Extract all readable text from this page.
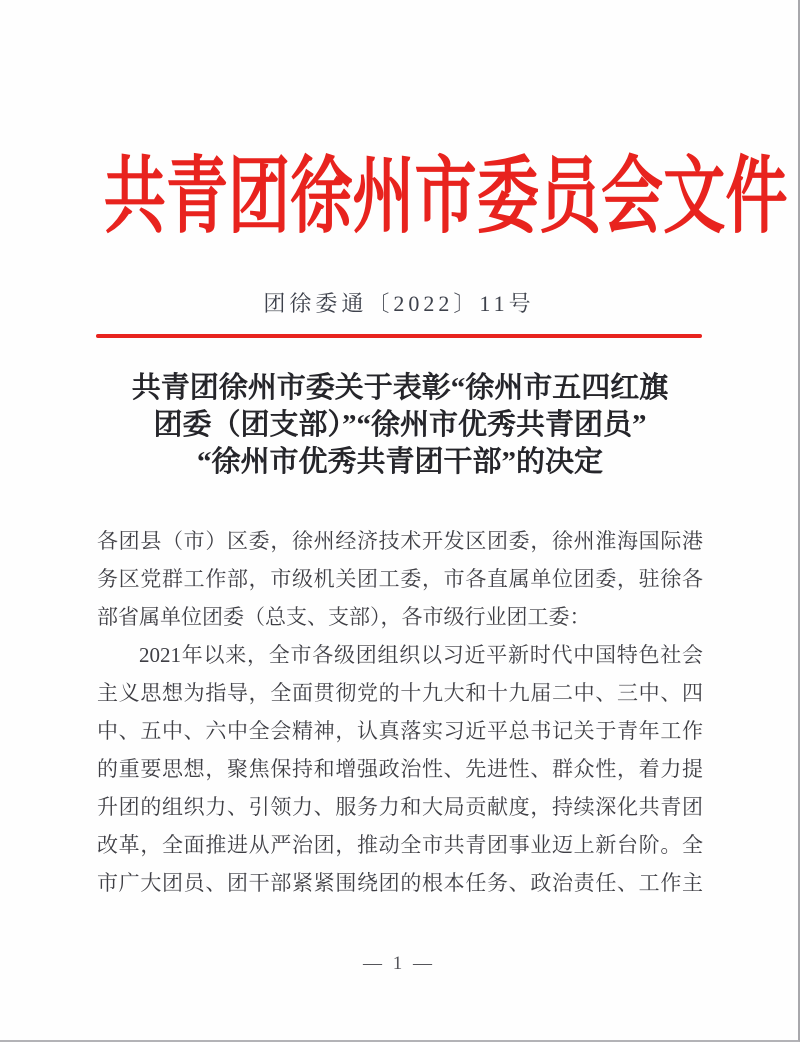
共青团徐州市委员会文件
团徐委通〔2022〕11号
共青团徐州市委关于表彰“徐州市五四红旗
团委（团支部）”“徐州市优秀共青团员”
“徐州市优秀共青团干部”的决定
各团县（市）区委，徐州经济技术开发区团委，徐州淮海国际港
务区党群工作部，市级机关团工委，市各直属单位团委，驻徐各
部省属单位团委（总支、支部），各市级行业团工委：
2021年以来，全市各级团组织以习近平新时代中国特色社会
主义思想为指导，全面贯彻党的十九大和十九届二中、三中、四
中、五中、六中全会精神，认真落实习近平总书记关于青年工作
的重要思想，聚焦保持和增强政治性、先进性、群众性，着力提
升团的组织力、引领力、服务力和大局贡献度，持续深化共青团
改革，全面推进从严治团，推动全市共青团事业迈上新台阶。全
市广大团员、团干部紧紧围绕团的根本任务、政治责任、工作主
— 1 —
